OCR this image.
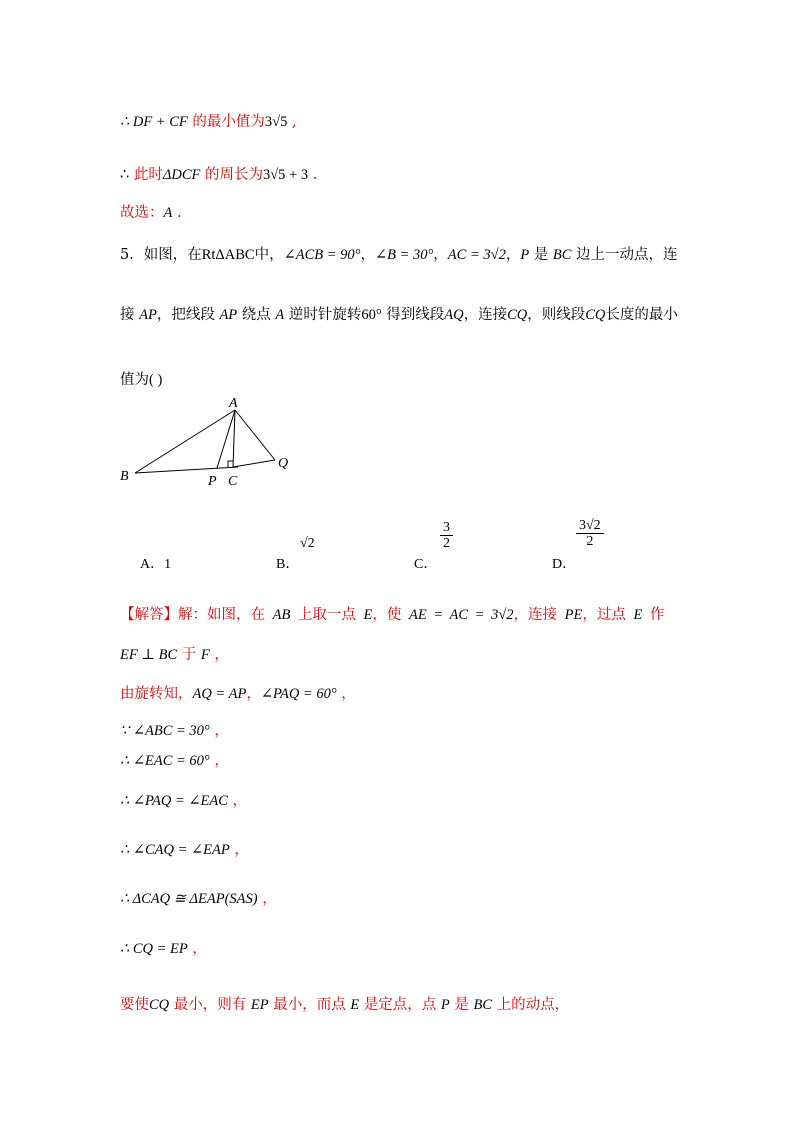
∴ DF + CF 的最小值为3√5 ,
∴ 此时ΔDCF 的周长为3√5 + 3 .
故选：A .
5．如图，在RtΔABC中，∠ACB = 90°，∠B = 30°，AC = 3√2，P 是 BC 边上一动点，连
接 AP，把线段 AP 绕点 A 逆时针旋转60° 得到线段AQ，连接CQ，则线段CQ长度的最小
值为( )
A
B	P C
Q
A．1	B．
√2
C．
$\frac{3}{2}$
D．
$\frac{3√2}{2}$
【解答】解：如图，在 AB 上取一点 E，使 AE = AC = 3√2，连接 PE，过点 E 作
EF ⊥ BC 于 F ，
由旋转知，AQ = AP，∠PAQ = 60° ，
∵ ∠ABC = 30° ，
∴ ∠EAC = 60° ，
∴ ∠PAQ = ∠EAC ，
∴ ∠CAQ = ∠EAP ，
∴ ΔCAQ ≅ ΔEAP(SAS) ，
∴ CQ = EP ，
要使CQ 最小，则有 EP 最小，而点 E 是定点，点 P 是 BC 上的动点，
